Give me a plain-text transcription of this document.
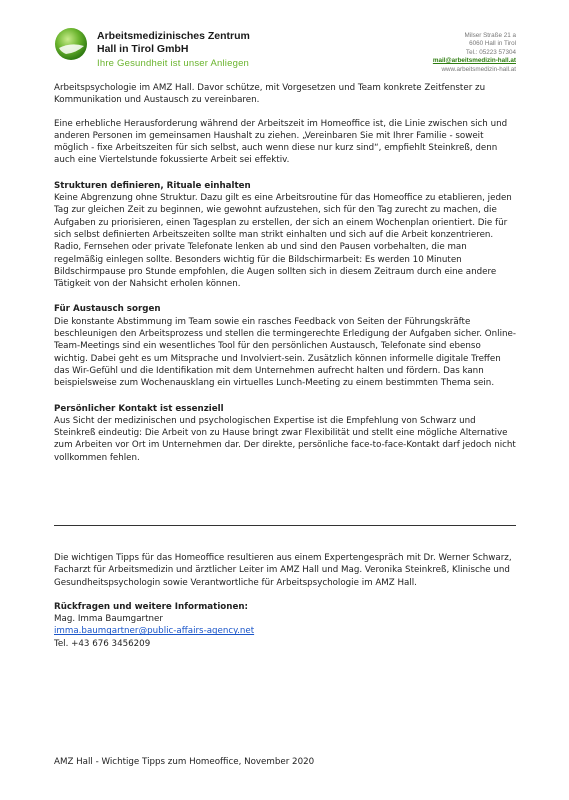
Arbeitsmedizinisches Zentrum
Hall in Tirol GmbH
Ihre Gesundheit ist unser Anliegen
Milser Straße 21 a
6060 Hall in Tirol
Tel.: 05223 57304
mail@arbeitsmedizin-hall.at
www.arbeitsmedizin-hall.at

Arbeitspsychologie im AMZ Hall. Davor schütze, mit Vorgesetzen und Team konkrete Zeitfenster zu Kommunikation und Austausch zu vereinbaren.

Eine erhebliche Herausforderung während der Arbeitszeit im Homeoffice ist, die Linie zwischen sich und anderen Personen im gemeinsamen Haushalt zu ziehen. „Vereinbaren Sie mit Ihrer Familie - soweit möglich - fixe Arbeitszeiten für sich selbst, auch wenn diese nur kurz sind“, empfiehlt Steinkreß, denn auch eine Viertelstunde fokussierte Arbeit sei effektiv.

Strukturen definieren, Rituale einhalten
Keine Abgrenzung ohne Struktur. Dazu gilt es eine Arbeitsroutine für das Homeoffice zu etablieren, jeden Tag zur gleichen Zeit zu beginnen, wie gewohnt aufzustehen, sich für den Tag zurecht zu machen, die Aufgaben zu priorisieren, einen Tagesplan zu erstellen, der sich an einem Wochenplan orientiert. Die für sich selbst definierten Arbeitszeiten sollte man strikt einhalten und sich auf die Arbeit konzentrieren. Radio, Fernsehen oder private Telefonate lenken ab und sind den Pausen vorbehalten, die man regelmäßig einlegen sollte. Besonders wichtig für die Bildschirmarbeit: Es werden 10 Minuten Bildschirmpause pro Stunde empfohlen, die Augen sollten sich in diesem Zeitraum durch eine andere Tätigkeit von der Nahsicht erholen können.
Für Austausch sorgen
Die konstante Abstimmung im Team sowie ein rasches Feedback von Seiten der Führungskräfte beschleunigen den Arbeitsprozess und stellen die termingerechte Erledigung der Aufgaben sicher. Online-Team-Meetings sind ein wesentliches Tool für den persönlichen Austausch, Telefonate sind ebenso wichtig. Dabei geht es um Mitsprache und Involviert-sein. Zusätzlich können informelle digitale Treffen das Wir-Gefühl und die Identifikation mit dem Unternehmen aufrecht halten und fördern. Das kann beispielsweise zum Wochenausklang ein virtuelles Lunch-Meeting zu einem bestimmten Thema sein.
Persönlicher Kontakt ist essenziell
Aus Sicht der medizinischen und psychologischen Expertise ist die Empfehlung von Schwarz und Steinkreß eindeutig: Die Arbeit von zu Hause bringt zwar Flexibilität und stellt eine mögliche Alternative zum Arbeiten vor Ort im Unternehmen dar. Der direkte, persönliche face-to-face-Kontakt darf jedoch nicht vollkommen fehlen.
Die wichtigen Tipps für das Homeoffice resultieren aus einem Expertengespräch mit Dr. Werner Schwarz, Facharzt für Arbeitsmedizin und ärztlicher Leiter im AMZ Hall und Mag. Veronika Steinkreß, Klinische und Gesundheitspsychologin sowie Verantwortliche für Arbeitspsychologie im AMZ Hall.
Rückfragen und weitere Informationen:
Mag. Imma Baumgartner
imma.baumgartner@public-affairs-agency.net
Tel. +43 676 3456209
AMZ Hall - Wichtige Tipps zum Homeoffice, November 2020
